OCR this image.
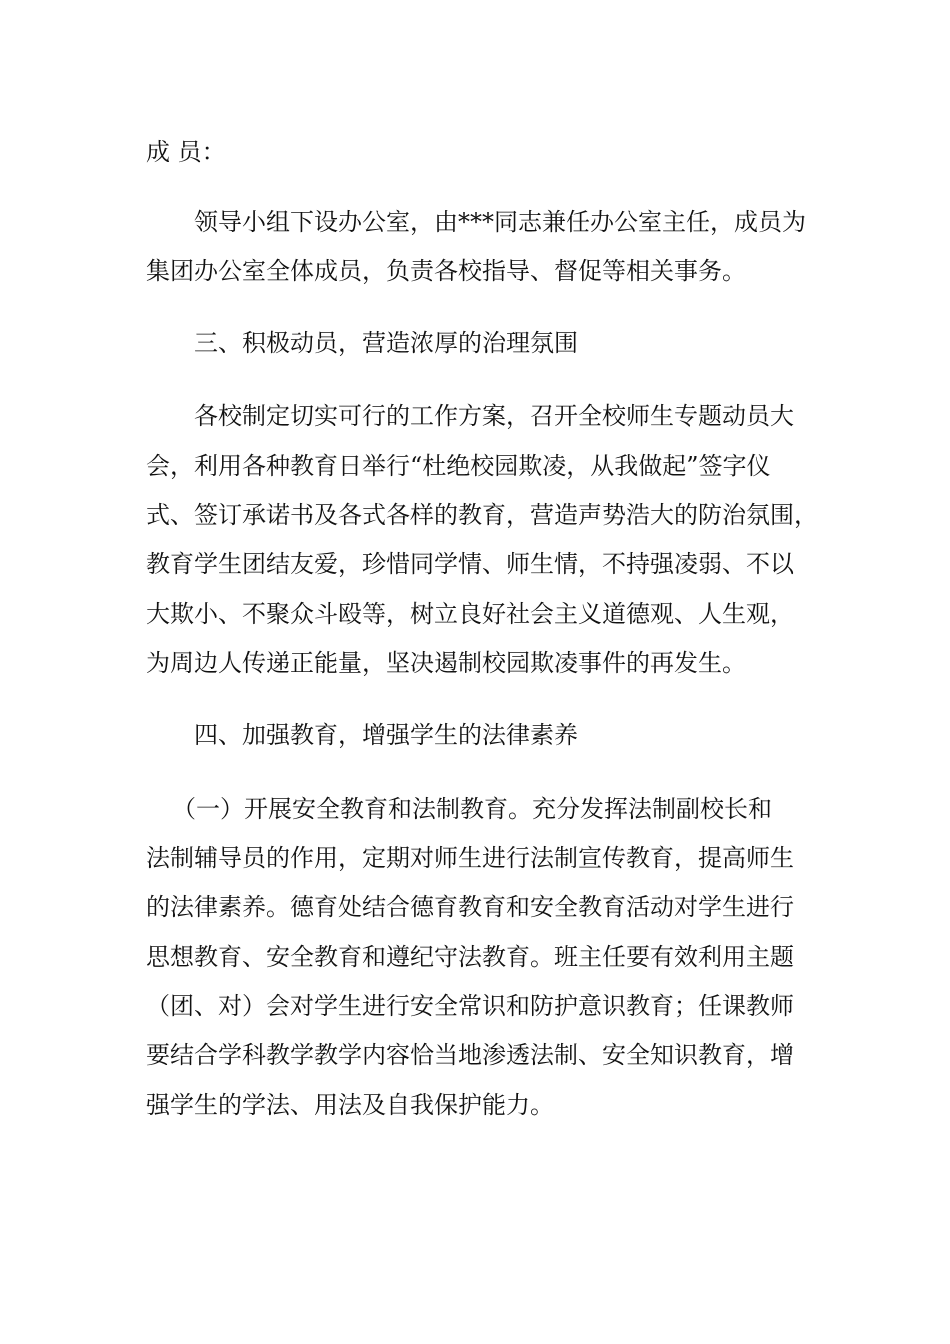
成 员：
领导小组下设办公室，由***同志兼任办公室主任，成员为
集团办公室全体成员，负责各校指导、督促等相关事务。
三、积极动员，营造浓厚的治理氛围
各校制定切实可行的工作方案，召开全校师生专题动员大
会，利用各种教育日举行“杜绝校园欺凌，从我做起”签字仪
式、签订承诺书及各式各样的教育，营造声势浩大的防治氛围，
教育学生团结友爱，珍惜同学情、师生情，不持强凌弱、不以
大欺小、不聚众斗殴等，树立良好社会主义道德观、人生观，
为周边人传递正能量，坚决遏制校园欺凌事件的再发生。
四、加强教育，增强学生的法律素养
（一）开展安全教育和法制教育。充分发挥法制副校长和
法制辅导员的作用，定期对师生进行法制宣传教育，提高师生
的法律素养。德育处结合德育教育和安全教育活动对学生进行
思想教育、安全教育和遵纪守法教育。班主任要有效利用主题
（团、对）会对学生进行安全常识和防护意识教育；任课教师
要结合学科教学教学内容恰当地渗透法制、安全知识教育，增
强学生的学法、用法及自我保护能力。
